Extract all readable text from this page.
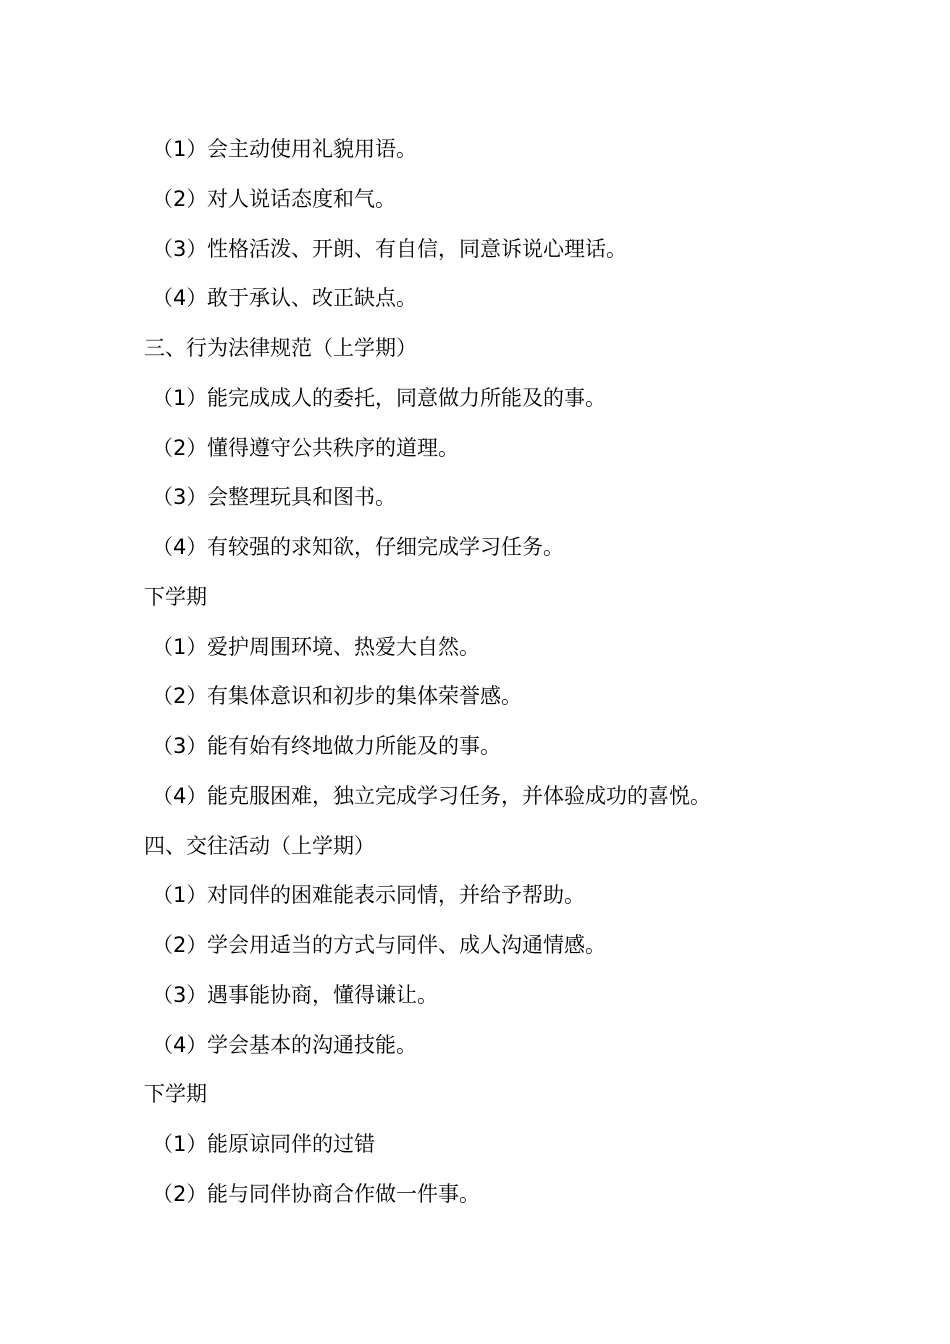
（1） 会主动使用礼貌用语。
（2） 对人说话态度和气。
（3） 性格活泼、开朗、有自信，同意诉说心理话。
（4） 敢于承认、改正缺点。
三、行为法律规范（上学期）
（1） 能完成成人的委托，同意做力所能及的事。
（2） 懂得遵守公共秩序的道理。
（3） 会整理玩具和图书。
（4） 有较强的求知欲，仔细完成学习任务。
下学期
（1） 爱护周围环境、热爱大自然。
（2） 有集体意识和初步的集体荣誉感。
（3） 能有始有终地做力所能及的事。
（4） 能克服困难，独立完成学习任务，并体验成功的喜悦。
四、交往活动（上学期）
（1） 对同伴的困难能表示同情，并给予帮助。
（2） 学会用适当的方式与同伴、成人沟通情感。
（3） 遇事能协商，懂得谦让。
（4） 学会基本的沟通技能。
下学期
（1） 能原谅同伴的过错
（2） 能与同伴协商合作做一件事。
